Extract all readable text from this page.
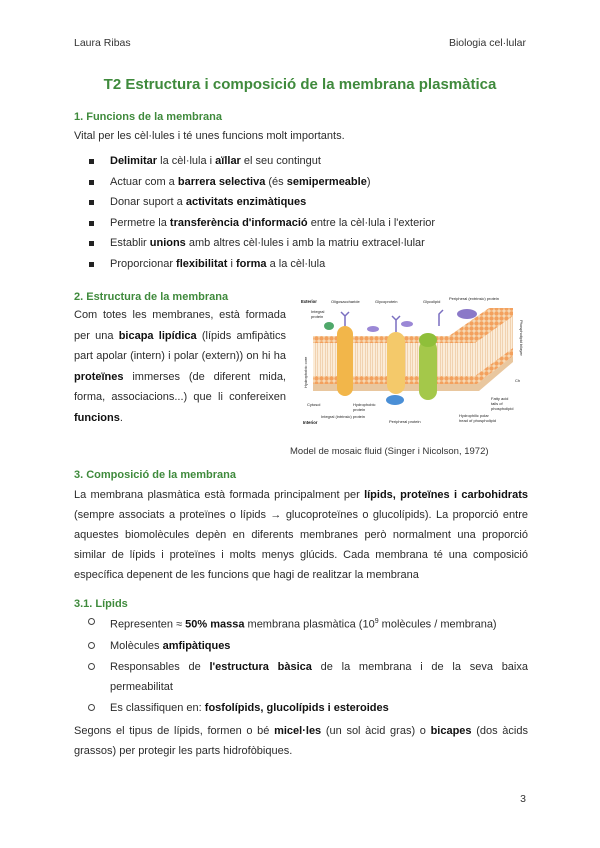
Laura Ribas	Biologia cel·lular
T2 Estructura i composició de la membrana plasmàtica
1. Funcions de la membrana
Vital per les cèl·lules i té unes funcions molt importants.
Delimitar la cèl·lula i aïllar el seu contingut
Actuar com a barrera selectiva (és semipermeable)
Donar suport a activitats enzimàtiques
Permetre la transferència d'informació entre la cèl·lula i l'exterior
Establir unions amb altres cèl·lules i amb la matriu extracel·lular
Proporcionar flexibilitat i forma a la cèl·lula
2. Estructura de la membrana
Com totes les membranes, està formada per una bicapa lipídica (lípids amfipàtics part apolar (intern) i polar (extern)) on hi ha proteïnes immerses (de diferent mida, forma, associacions...) que li confereixen funcions.
Exterior	Oligosaccharide	Glycoprotein	Glycolipid
Peripheral (extrinsic) protein
Integral
protein
Phospholipid bilayer
Hydrophobic core	Ch
Cytosol	Hydrophobic
protein
Integral (intrinsic) protein
Peripheral protein
Fatty acid
tails of
phospholipid
Hydrophilic polar
head of phospholipid
Interior
Model de mosaic fluid (Singer i Nicolson, 1972)
3. Composició de la membrana
La membrana plasmàtica està formada principalment per lípids, proteïnes i carbohidrats (sempre associats a proteïnes o lípids → glucoproteïnes o glucolípids). La proporció entre aquestes biomolècules depèn en diferents membranes però normalment una proporció similar de lípids i proteïnes i molts menys glúcids. Cada membrana té una composició específica depenent de les funcions que hagi de realitzar la membrana
3.1. Lípids
Representen ≈ 50% massa membrana plasmàtica ($10^9$ molècules / membrana)
Molècules amfipàtiques
Responsables de l'estructura bàsica de la membrana i de la seva baixa permeabilitat
Es classifiquen en: fosfolípids, glucolípids i esteroides
Segons el tipus de lípids, formen o bé micel·les (un sol àcid gras) o bicapes (dos àcids grassos) per protegir les parts hidrofòbiques.
3
